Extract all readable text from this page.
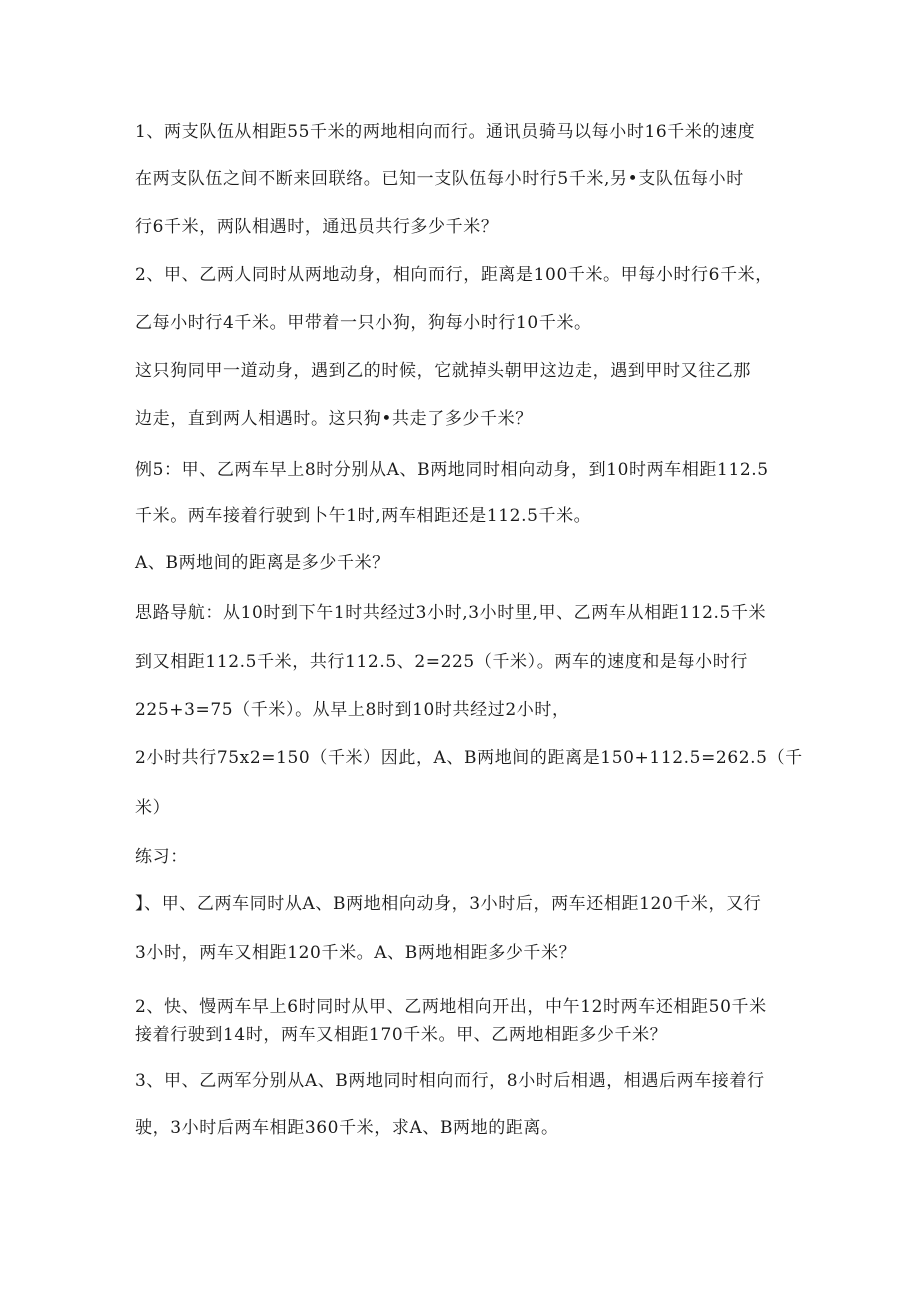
1、两支队伍从相距55千米的两地相向而行。通讯员骑马以每小时16千米的速度

在两支队伍之间不断来回联络。已知一支队伍每小时行5千米,另•支队伍每小时

行6千米，两队相遇时，通迅员共行多少千米？

2、甲、乙两人同时从两地动身，相向而行，距离是100千米。甲每小时行6千米，

乙每小时行4千米。甲带着一只小狗，狗每小时行10千米。

这只狗同甲一道动身，遇到乙的时候，它就掉头朝甲这边走，遇到甲时又往乙那

边走，直到两人相遇时。这只狗•共走了多少千米？

例5：甲、乙两车早上8时分别从A、B两地同时相向动身，到10时两车相距112.5

千米。两车接着行驶到卜午1时,两车相距还是112.5千米。

A、B两地间的距离是多少千米？

思路导航：从10时到下午1时共经过3小时,3小时里,甲、乙两车从相距112.5千米

到又相距112.5千米，共行112.5、2=225（千米）。两车的速度和是每小时行

225+3=75（千米）。从早上8时到10时共经过2小时，

2小时共行75x2=150（千米）因此，A、B两地间的距离是150+112.5=262.5（千

米）

练习：

】、甲、乙两车同时从A、B两地相向动身，3小时后，两车还相距120千米，又行

3小时，两车又相距120千米。A、B两地相距多少千米？

2、快、慢两车早上6时同时从甲、乙两地相向开出，中午12时两车还相距50千米

接着行驶到14时，两车又相距170千米。甲、乙两地相距多少千米？

3、甲、乙两军分别从A、B两地同时相向而行，8小时后相遇，相遇后两车接着行

驶，3小时后两车相距360千米，求A、B两地的距离。
